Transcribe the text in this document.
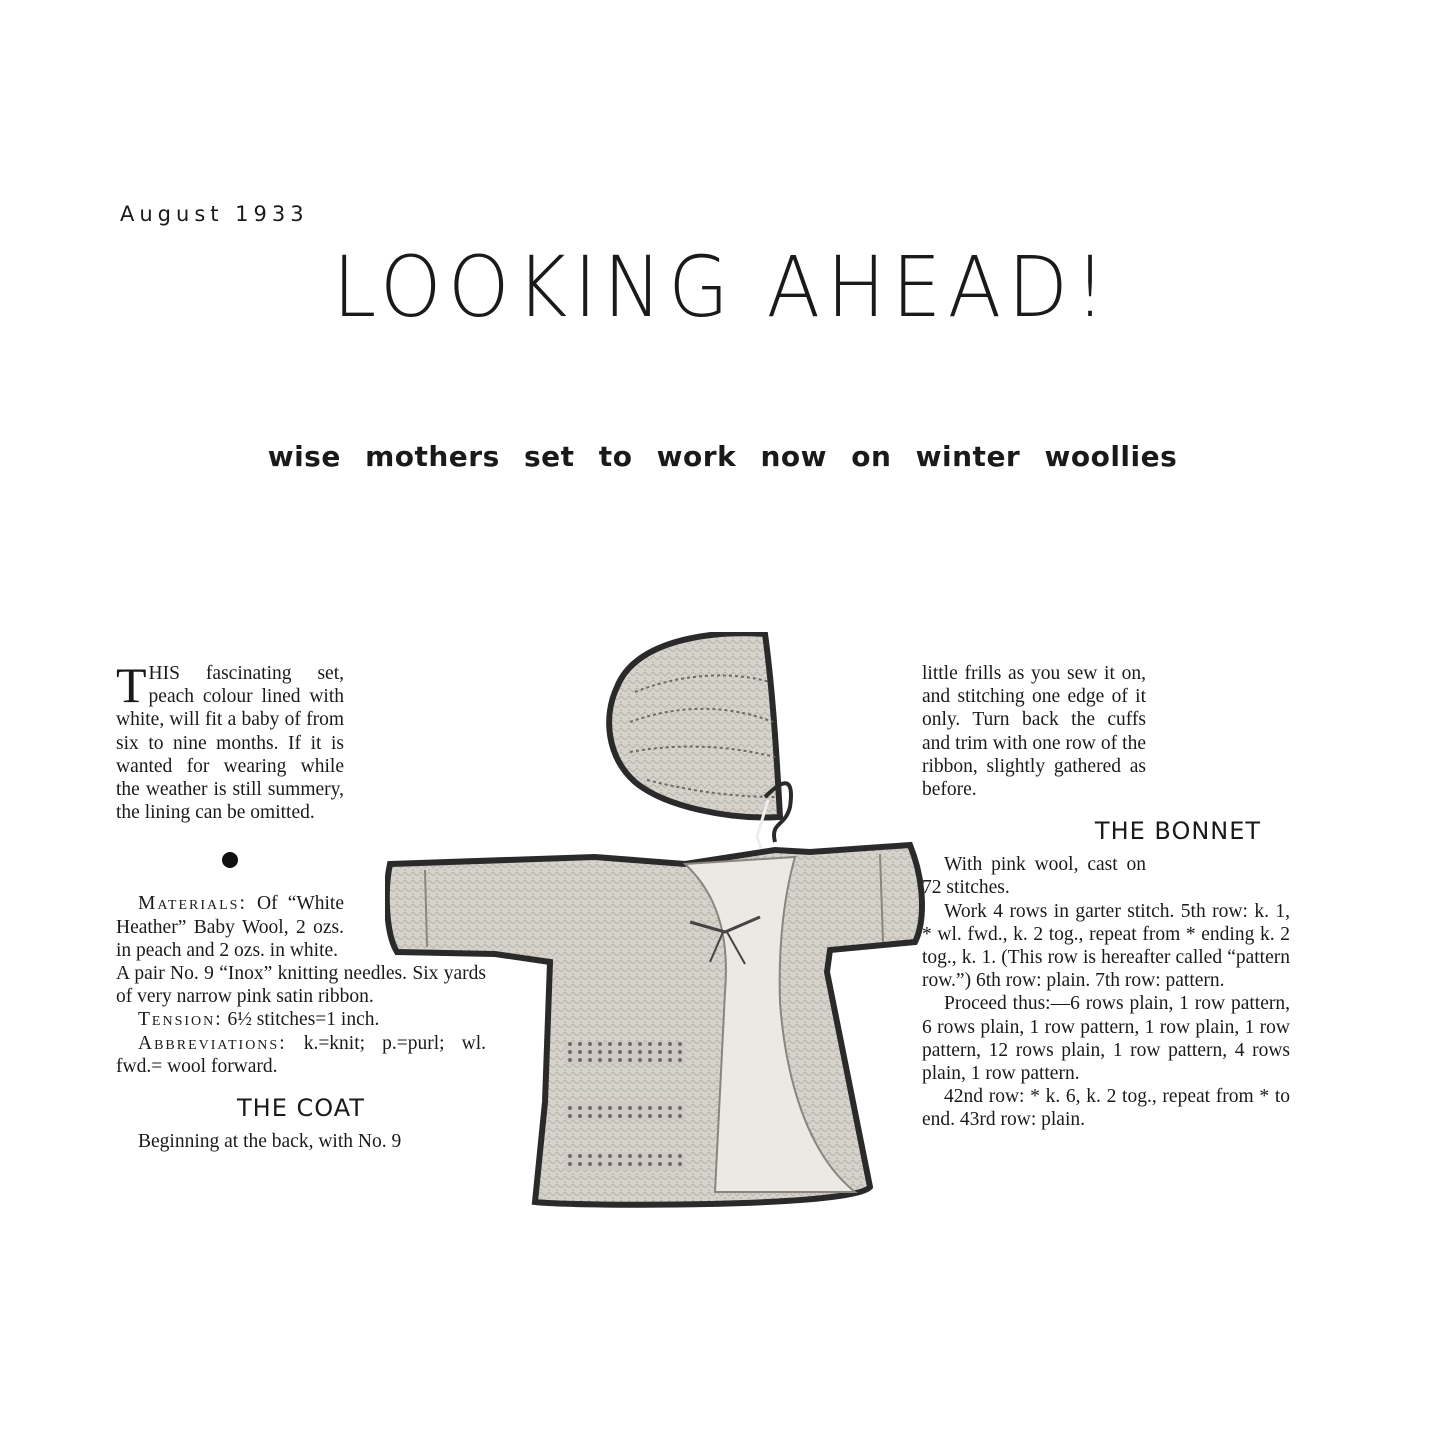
August 1933
LOOKING AHEAD!
wise mothers set to work now on winter woollies

THIS fascinating set, peach colour lined with white, will fit a baby of from six to nine months. If it is wanted for wearing while the weather is still summery, the lining can be omitted.

Materials: Of “White Heather” Baby Wool, 2 ozs. in peach and 2 ozs. in white.

A pair No. 9 “Inox” knitting needles. Six yards of very narrow pink satin ribbon.

Tension: 6½ stitches=1 inch.

Abbreviations: k.=knit; p.=purl; wl. fwd.= wool forward.

THE COAT

Beginning at the back, with No. 9

little frills as you sew it on, and stitching one edge of it only. Turn back the cuffs and trim with one row of the ribbon, slightly gathered as before.

THE BONNET

With pink wool, cast on 72 stitches.

Work 4 rows in garter stitch. 5th row: k. 1, * wl. fwd., k. 2 tog., repeat from * ending k. 2 tog., k. 1. (This row is hereafter called “pattern row.”) 6th row: plain. 7th row: pattern.

Proceed thus:—6 rows plain, 1 row pattern, 6 rows plain, 1 row pattern, 1 row plain, 1 row pattern, 12 rows plain, 1 row pattern, 4 rows plain, 1 row pattern.

42nd row: * k. 6, k. 2 tog., repeat from * to end. 43rd row: plain.
